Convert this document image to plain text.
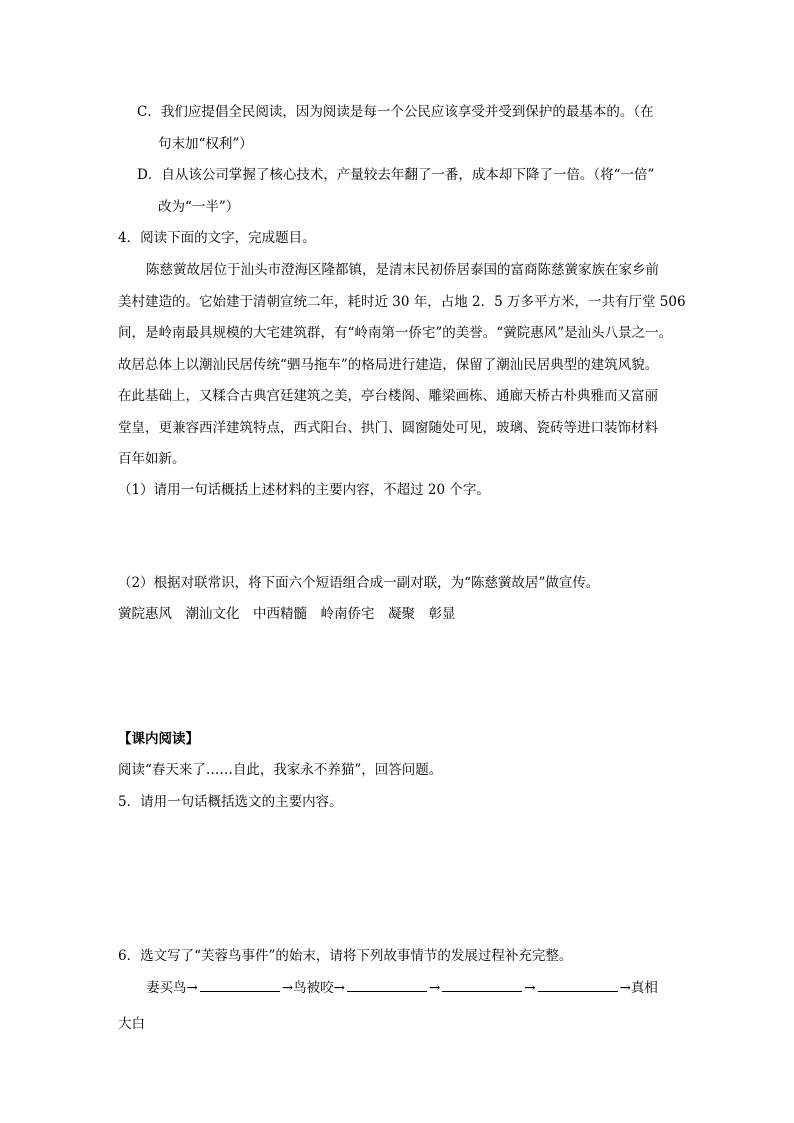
C．我们应提倡全民阅读，因为阅读是每一个公民应该享受并受到保护的最基本的。（在
句末加“权利”）
D．自从该公司掌握了核心技术，产量较去年翻了一番，成本却下降了一倍。（将“一倍”
改为“一半”）
4．阅读下面的文字，完成题目。
陈慈黉故居位于汕头市澄海区隆都镇，是清末民初侨居泰国的富商陈慈黉家族在家乡前
美村建造的。它始建于清朝宣统二年，耗时近 30 年，占地 2．5 万多平方米，一共有厅堂 506
间，是岭南最具规模的大宅建筑群，有“岭南第一侨宅”的美誉。“黉院惠风”是汕头八景之一。
故居总体上以潮汕民居传统“驷马拖车”的格局进行建造，保留了潮汕民居典型的建筑风貌。
在此基础上，又糅合古典宫廷建筑之美，亭台楼阁、雕梁画栋、通廊天桥古朴典雅而又富丽
堂皇，更兼容西洋建筑特点，西式阳台、拱门、圆窗随处可见，玻璃、瓷砖等进口装饰材料
百年如新。
（1）请用一句话概括上述材料的主要内容，不超过 20 个字。
（2）根据对联常识，将下面六个短语组合成一副对联，为“陈慈黉故居”做宣传。
黉院惠风　潮汕文化　中西精髓　岭南侨宅　凝聚　彰显
【课内阅读】
阅读“春天来了……自此，我家永不养猫”，回答问题。
5．请用一句话概括选文的主要内容。
6．选文写了“芙蓉鸟事件”的始末，请将下列故事情节的发展过程补充完整。
妻买鸟→	→鸟被咬→	→	→	→真相
大白
